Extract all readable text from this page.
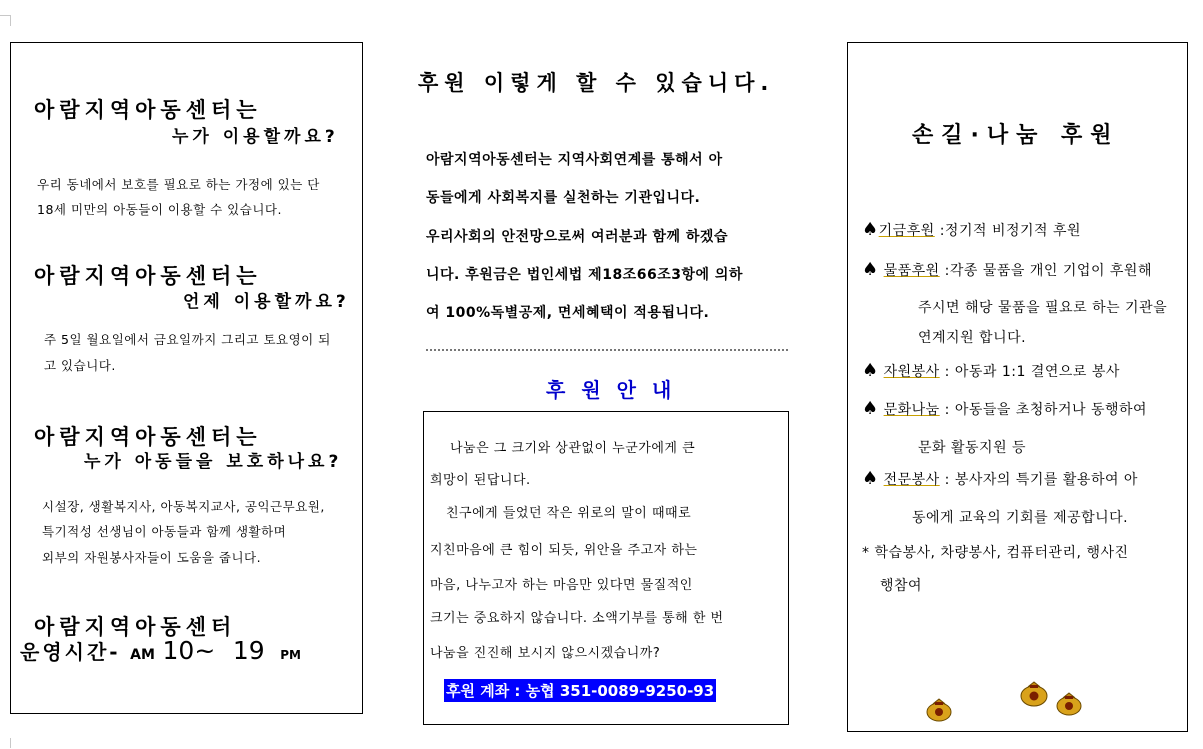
아람지역아동센터는
누가 이용할까요?
우리 동네에서 보호를 필요로 하는 가정에 있는 단
18세 미만의 아동들이 이용할 수 있습니다.
아람지역아동센터는
언제 이용할까요?
주 5일 월요일에서 금요일까지 그리고 토요영이 되
고 있습니다.
아람지역아동센터는
누가 아동들을 보호하나요?
시설장, 생활복지사, 아동복지교사, 공익근무요원,
특기적성 선생님이 아동들과 함께 생활하며
외부의 자원봉사자들이 도움을 줍니다.
아람지역아동센터
운영시간- AM 10~ 19 PM
후원 이렇게 할 수 있습니다.
아람지역아동센터는 지역사회연계를 통해서 아
동들에게 사회복지를 실천하는 기관입니다.
우리사회의 안전망으로써 여러분과 함께 하겠습
니다. 후원금은 법인세법 제18조66조3항에 의하
여 100%독별공제, 면세혜택이 적용됩니다.
후원안내
나눔은 그 크기와 상관없이 누군가에게 큰
희망이 된답니다.
친구에게 들었던 작은 위로의 말이 때때로
지친마음에 큰 힘이 되듯, 위안을 주고자 하는
마음, 나누고자 하는 마음만 있다면 물질적인
크기는 중요하지 않습니다. 소액기부를 통해 한 번
나눔을 진진해 보시지 않으시겠습니까?
후원 계좌 : 농협 351-0089-9250-93
손길·나눔 후원
♠기금후원 :정기적 비정기적 후원
♠ 물품후원 :각종 물품을 개인 기업이 후원해
주시면 해당 물품을 필요로 하는 기관을
연계지원 합니다.
♠ 자원봉사 : 아동과 1:1 결연으로 봉사
♠ 문화나눔 : 아동들을 초청하거나 동행하여
문화 활동지원 등
♠ 전문봉사 : 봉사자의 특기를 활용하여 아
동에게 교육의 기회를 제공합니다.
* 학습봉사, 차량봉사, 컴퓨터관리, 행사진
행참여
